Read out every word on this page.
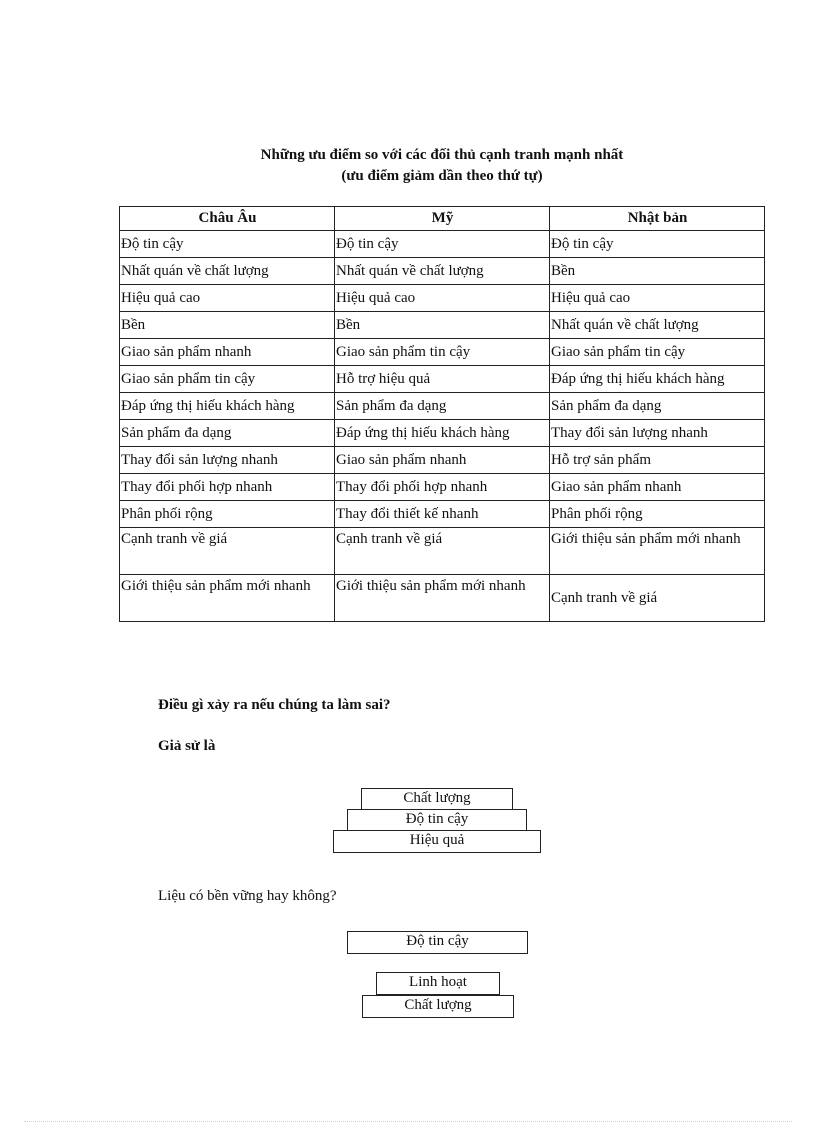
Những ưu điểm so với các đối thủ cạnh tranh mạnh nhất
(ưu điểm giảm dần theo thứ tự)
Châu Âu	Mỹ	Nhật bản
Độ tin cậy	Độ tin cậy	Độ tin cậy
Nhất quán về chất lượng	Nhất quán về chất lượng	Bền
Hiệu quả cao	Hiệu quả cao	Hiệu quả cao
Bền	Bền	Nhất quán về chất lượng
Giao sản phẩm nhanh	Giao sản phẩm tin cậy	Giao sản phẩm tin cậy
Giao sản phẩm tin cậy	Hỗ trợ hiệu quả	Đáp ứng thị hiếu khách hàng
Đáp ứng thị hiếu khách hàng	Sản phẩm đa dạng	Sản phẩm đa dạng
Sản phẩm đa dạng	Đáp ứng thị hiếu khách hàng	Thay đổi sản lượng nhanh
Thay đổi sản lượng nhanh	Giao sản phẩm nhanh	Hỗ trợ sản phẩm
Thay đổi phối hợp nhanh	Thay đổi phối hợp nhanh	Giao sản phẩm nhanh
Phân phối rộng	Thay đổi thiết kế nhanh	Phân phối rộng
Cạnh tranh về giá	Cạnh tranh về giá	Giới thiệu sản phẩm mới nhanh
Giới thiệu sản phẩm mới nhanh	Giới thiệu sản phẩm mới nhanh	Cạnh tranh về giá
Điều gì xảy ra nếu chúng ta làm sai?
Giả sử là
Chất lượng
Độ tin cậy
Hiệu quả
Liệu có bền vững hay không?
Độ tin cậy
Linh hoạt
Chất lượng
